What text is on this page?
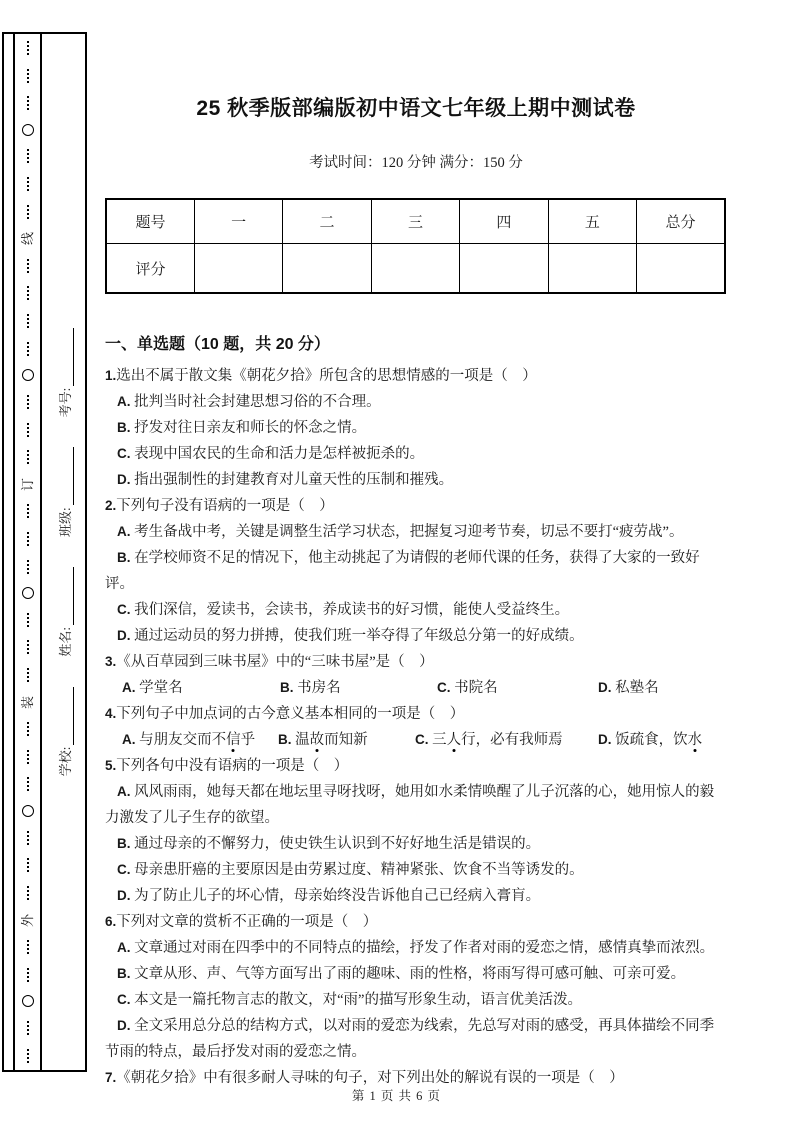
线
订
装
外
学校:
姓名:
班级:
考号:
25 秋季版部编版初中语文七年级上期中测试卷
考试时间：120 分钟 满分：150 分
题号	一	二	三	四	五	总分
评分						
一、单选题（10 题，共 20 分）
1.选出不属于散文集《朝花夕拾》所包含的思想情感的一项是（　）
A. 批判当时社会封建思想习俗的不合理。
B. 抒发对往日亲友和师长的怀念之情。
C. 表现中国农民的生命和活力是怎样被扼杀的。
D. 指出强制性的封建教育对儿童天性的压制和摧残。
2.下列句子没有语病的一项是（　）
A. 考生备战中考，关键是调整生活学习状态，把握复习迎考节奏，切忌不要打“疲劳战”。
B. 在学校师资不足的情况下，他主动挑起了为请假的老师代课的任务，获得了大家的一致好评。
C. 我们深信，爱读书，会读书，养成读书的好习惯，能使人受益终生。
D. 通过运动员的努力拼搏，使我们班一举夺得了年级总分第一的好成绩。
3.《从百草园到三味书屋》中的“三味书屋”是（　）
A. 学堂名	B. 书房名	C. 书院名	D. 私塾名
4.下列句子中加点词的古今意义基本相同的一项是（　）
A. 与朋友交而不信乎	B. 温故而知新	C. 三人行，必有我师焉	D. 饭疏食，饮水
5.下列各句中没有语病的一项是（　）
A. 风风雨雨，她每天都在地坛里寻呀找呀，她用如水柔情唤醒了儿子沉落的心，她用惊人的毅力激发了儿子生存的欲望。
B. 通过母亲的不懈努力，使史铁生认识到不好好地生活是错误的。
C. 母亲患肝癌的主要原因是由劳累过度、精神紧张、饮食不当等诱发的。
D. 为了防止儿子的坏心情，母亲始终没告诉他自己已经病入膏肓。
6.下列对文章的赏析不正确的一项是（　）
A. 文章通过对雨在四季中的不同特点的描绘，抒发了作者对雨的爱恋之情，感情真挚而浓烈。
B. 文章从形、声、气等方面写出了雨的趣味、雨的性格，将雨写得可感可触、可亲可爱。
C. 本文是一篇托物言志的散文，对“雨”的描写形象生动，语言优美活泼。
D. 全文采用总分总的结构方式，以对雨的爱恋为线索，先总写对雨的感受，再具体描绘不同季节雨的特点，最后抒发对雨的爱恋之情。
7.《朝花夕拾》中有很多耐人寻味的句子，对下列出处的解说有误的一项是（　）
第 1 页 共 6 页
